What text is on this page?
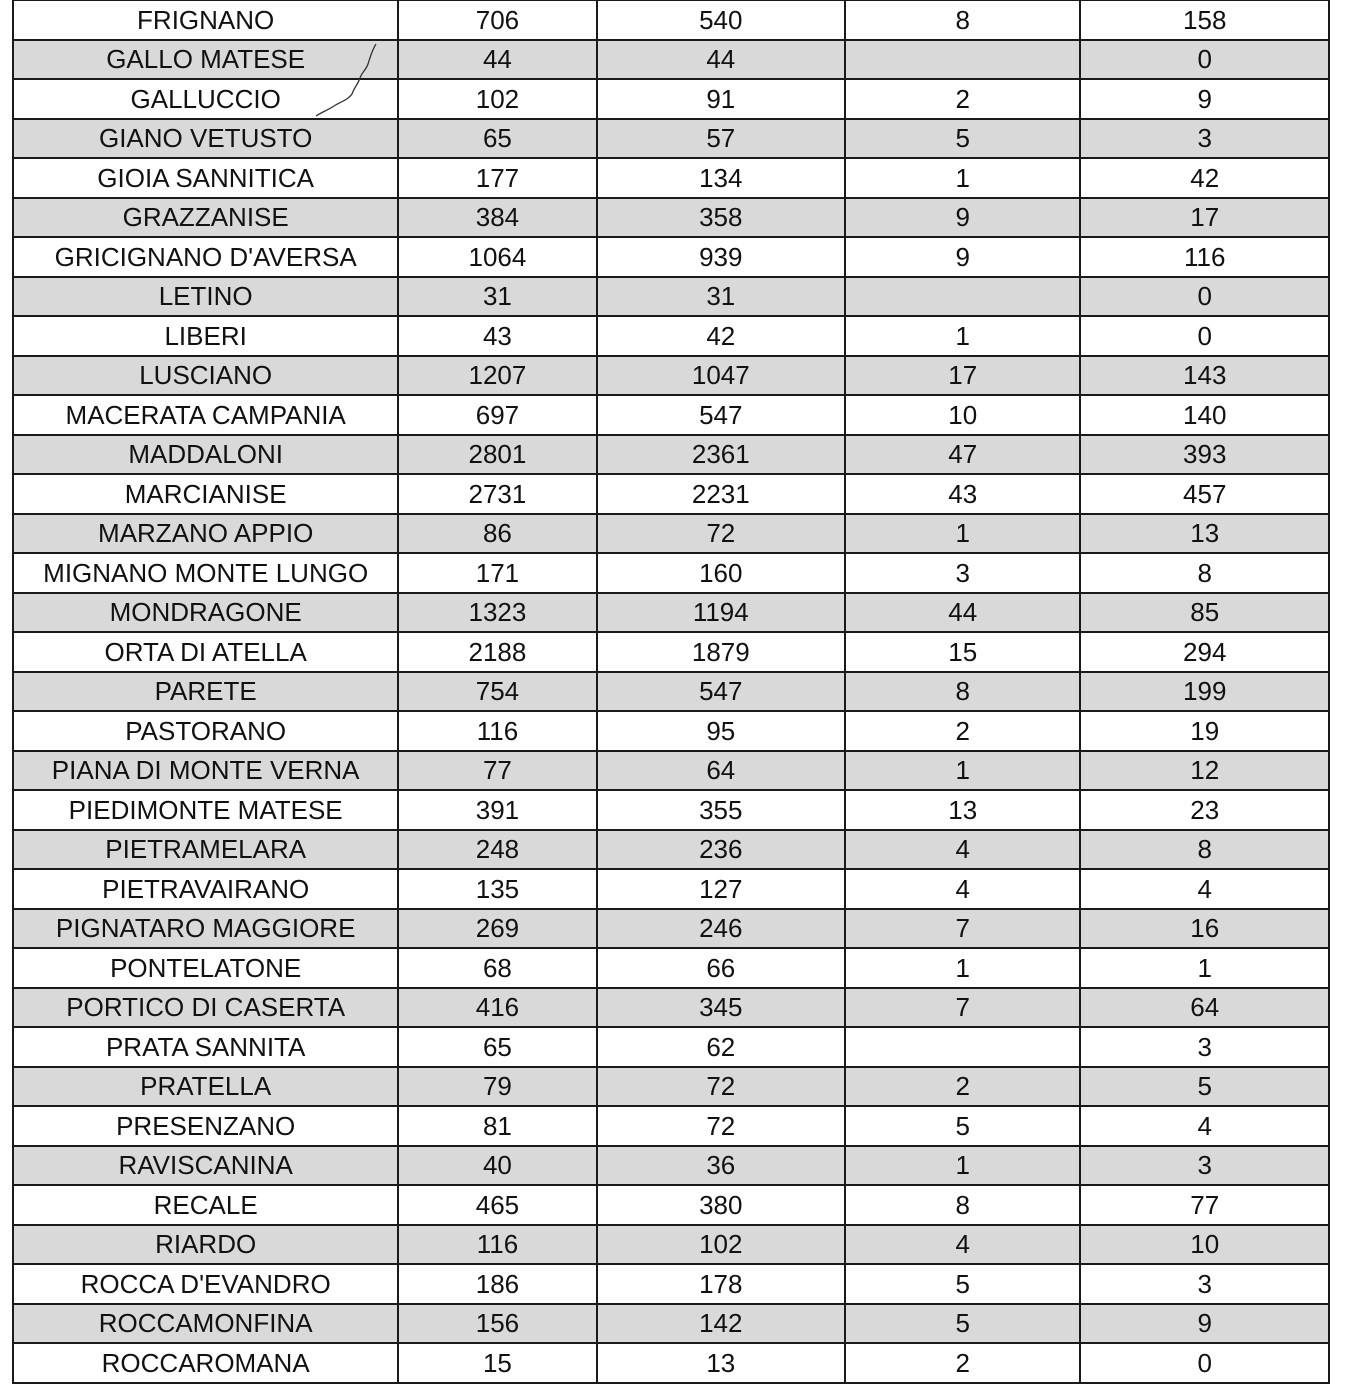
FRIGNANO	706	540	8	158
GALLO MATESE	44	44		0
GALLUCCIO	102	91	2	9
GIANO VETUSTO	65	57	5	3
GIOIA SANNITICA	177	134	1	42
GRAZZANISE	384	358	9	17
GRICIGNANO D'AVERSA	1064	939	9	116
LETINO	31	31		0
LIBERI	43	42	1	0
LUSCIANO	1207	1047	17	143
MACERATA CAMPANIA	697	547	10	140
MADDALONI	2801	2361	47	393
MARCIANISE	2731	2231	43	457
MARZANO APPIO	86	72	1	13
MIGNANO MONTE LUNGO	171	160	3	8
MONDRAGONE	1323	1194	44	85
ORTA DI ATELLA	2188	1879	15	294
PARETE	754	547	8	199
PASTORANO	116	95	2	19
PIANA DI MONTE VERNA	77	64	1	12
PIEDIMONTE MATESE	391	355	13	23
PIETRAMELARA	248	236	4	8
PIETRAVAIRANO	135	127	4	4
PIGNATARO MAGGIORE	269	246	7	16
PONTELATONE	68	66	1	1
PORTICO DI CASERTA	416	345	7	64
PRATA SANNITA	65	62		3
PRATELLA	79	72	2	5
PRESENZANO	81	72	5	4
RAVISCANINA	40	36	1	3
RECALE	465	380	8	77
RIARDO	116	102	4	10
ROCCA D'EVANDRO	186	178	5	3
ROCCAMONFINA	156	142	5	9
ROCCAROMANA	15	13	2	0
